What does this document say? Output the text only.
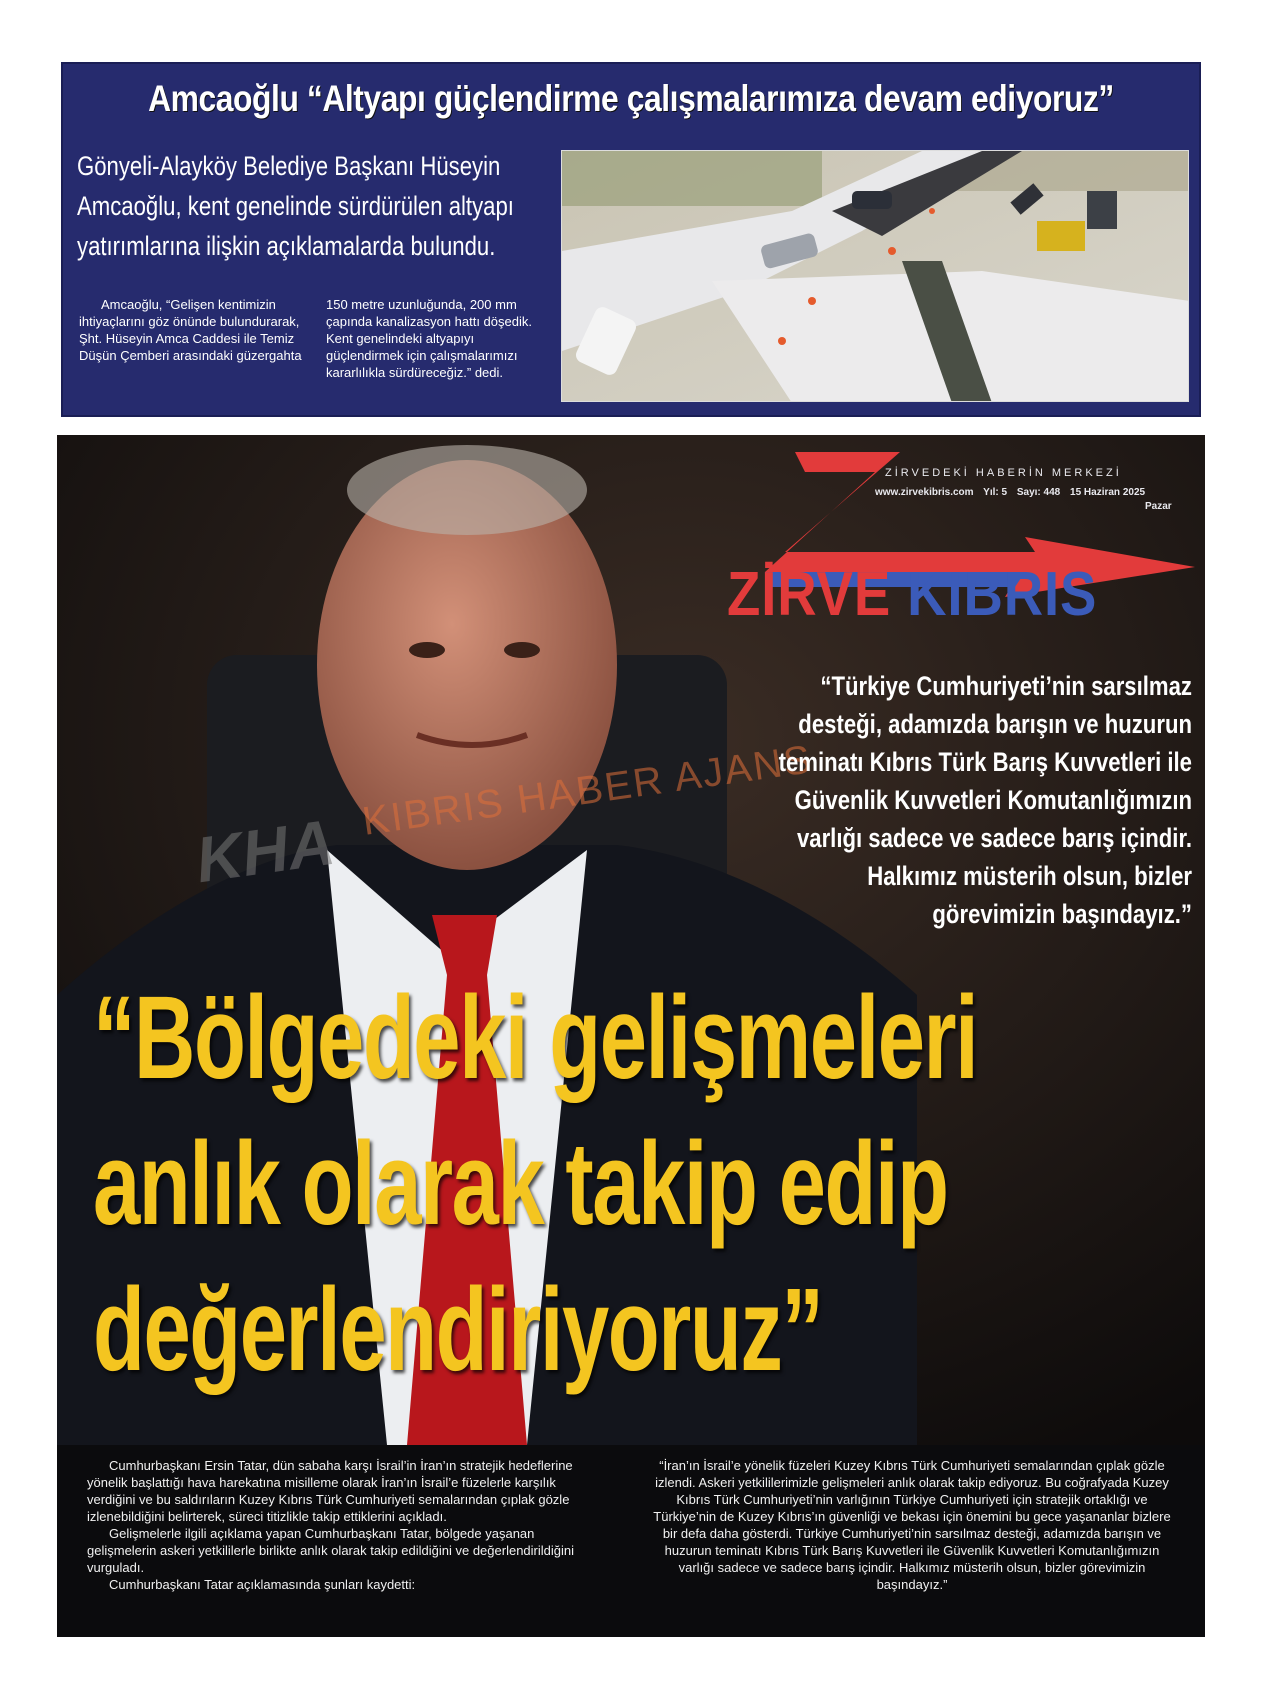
Amcaoğlu “Altyapı güçlendirme çalışmalarımıza devam ediyoruz”
Gönyeli-Alayköy Belediye Başkanı Hüseyin Amcaoğlu, kent genelinde sürdürülen altyapı yatırımlarına ilişkin açıklamalarda bulundu.
Amcaoğlu, “Gelişen kentimizin ihtiyaçlarını göz önünde bulundurarak, Şht. Hüseyin Amca Caddesi ile Temiz Düşün Çemberi arasındaki güzergahta
150 metre uzunluğunda, 200 mm çapında kanalizasyon hattı döşedik. Kent genelindeki altyapıyı güçlendirmek için çalışmalarımızı kararlılıkla sürdüreceğiz.” dedi.
KHA
KIBRIS HABER AJANS
ZİRVEDEKİ HABERİN MERKEZİ
www.zirvekibris.com Yıl: 5 Sayı: 448 15 Haziran 2025
Pazar
ZİRVE KIBRIS
“Türkiye Cumhuriyeti’nin sarsılmaz desteği, adamızda barışın ve huzurun teminatı Kıbrıs Türk Barış Kuvvetleri ile Güvenlik Kuvvetleri Komutanlığımızın varlığı sadece ve sadece barış içindir. Halkımız müsterih olsun, bizler görevimizin başındayız.”
“Bölgedeki gelişmeleri
anlık olarak takip edip
değerlendiriyoruz”

Cumhurbaşkanı Ersin Tatar, dün sabaha karşı İsrail’in İran’ın stratejik hedeflerine yönelik başlattığı hava harekatına misilleme olarak İran’ın İsrail’e füzelerle karşılık verdiğini ve bu saldırıların Kuzey Kıbrıs Türk Cumhuriyeti semalarından çıplak gözle izlenebildiğini belirterek, süreci titizlikle takip ettiklerini açıkladı.

Gelişmelerle ilgili açıklama yapan Cumhurbaşkanı Tatar, bölgede yaşanan gelişmelerin askeri yetkililerle birlikte anlık olarak takip edildiğini ve değerlendirildiğini vurguladı.

Cumhurbaşkanı Tatar açıklamasında şunları kaydetti:

“İran’ın İsrail’e yönelik füzeleri Kuzey Kıbrıs Türk Cumhuriyeti semalarından çıplak gözle izlendi. Askeri yetkililerimizle gelişmeleri anlık olarak takip ediyoruz. Bu coğrafyada Kuzey Kıbrıs Türk Cumhuriyeti’nin varlığının Türkiye Cumhuriyeti için stratejik ortaklığı ve Türkiye’nin de Kuzey Kıbrıs’ın güvenliği ve bekası için önemini bu gece yaşananlar bizlere bir defa daha gösterdi. Türkiye Cumhuriyeti’nin sarsılmaz desteği, adamızda barışın ve huzurun teminatı Kıbrıs Türk Barış Kuvvetleri ile Güvenlik Kuvvetleri Komutanlığımızın varlığı sadece ve sadece barış içindir. Halkımız müsterih olsun, bizler görevimizin başındayız.”
